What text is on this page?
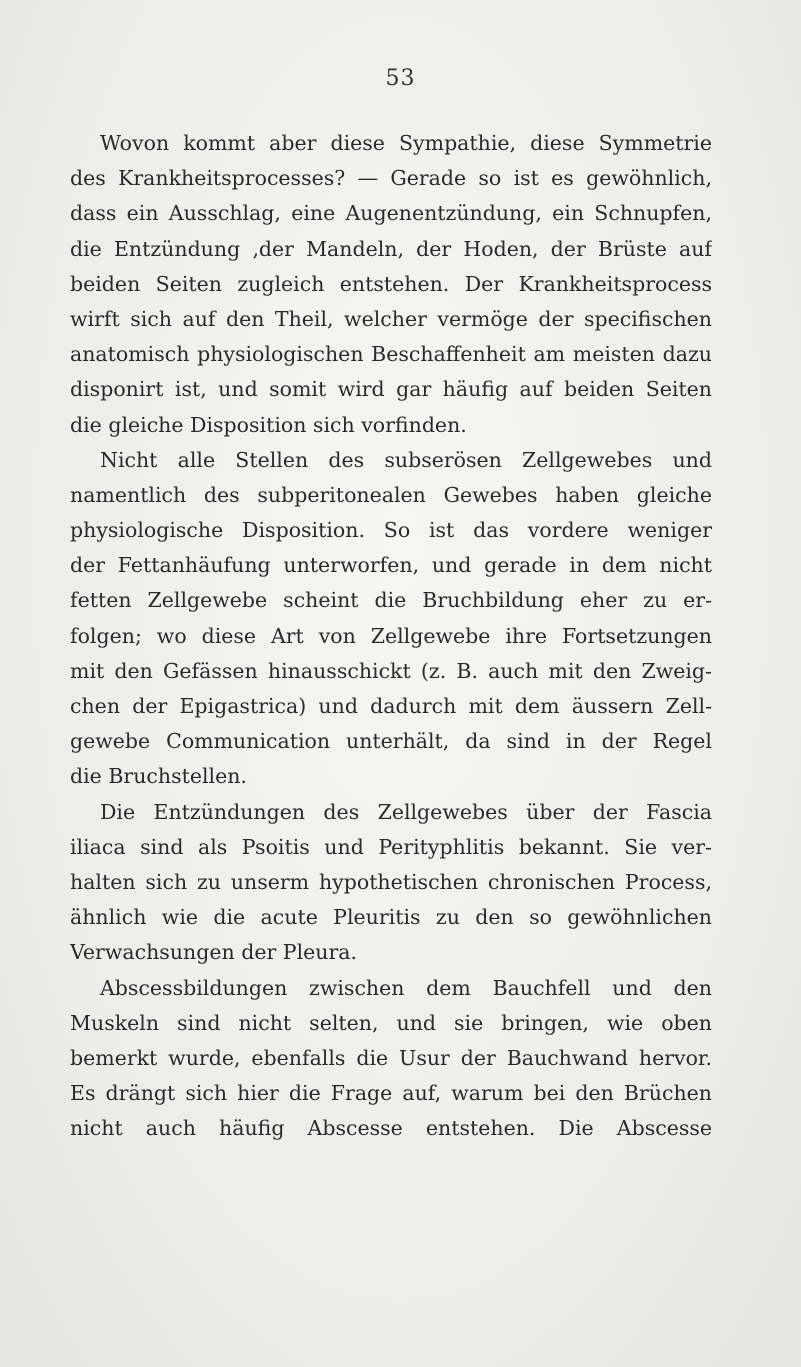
53
Wovon kommt aber diese Sympathie, diese Symmetrie
des Krankheitsprocesses? — Gerade so ist es gewöhnlich,
dass ein Ausschlag, eine Augenentzündung, ein Schnupfen,
die Entzündung ‚der Mandeln, der Hoden, der Brüste auf
beiden Seiten zugleich entstehen. Der Krankheitsprocess
wirft sich auf den Theil, welcher vermöge der specifischen
anatomisch physiologischen Beschaffenheit am meisten dazu
disponirt ist, und somit wird gar häufig auf beiden Seiten
die gleiche Disposition sich vorfinden.
Nicht alle Stellen des subserösen Zellgewebes und
namentlich des subperitonealen Gewebes haben gleiche
physiologische Disposition. So ist das vordere weniger
der Fettanhäufung unterworfen, und gerade in dem nicht
fetten Zellgewebe scheint die Bruchbildung eher zu er-
folgen; wo diese Art von Zellgewebe ihre Fortsetzungen
mit den Gefässen hinausschickt (z. B. auch mit den Zweig-
chen der Epigastrica) und dadurch mit dem äussern Zell-
gewebe Communication unterhält, da sind in der Regel
die Bruchstellen.
Die Entzündungen des Zellgewebes über der Fascia
iliaca sind als Psoitis und Perityphlitis bekannt. Sie ver-
halten sich zu unserm hypothetischen chronischen Process,
ähnlich wie die acute Pleuritis zu den so gewöhnlichen
Verwachsungen der Pleura.
Abscessbildungen zwischen dem Bauchfell und den
Muskeln sind nicht selten, und sie bringen, wie oben
bemerkt wurde, ebenfalls die Usur der Bauchwand hervor.
Es drängt sich hier die Frage auf, warum bei den Brüchen
nicht auch häufig Abscesse entstehen. Die Abscesse
